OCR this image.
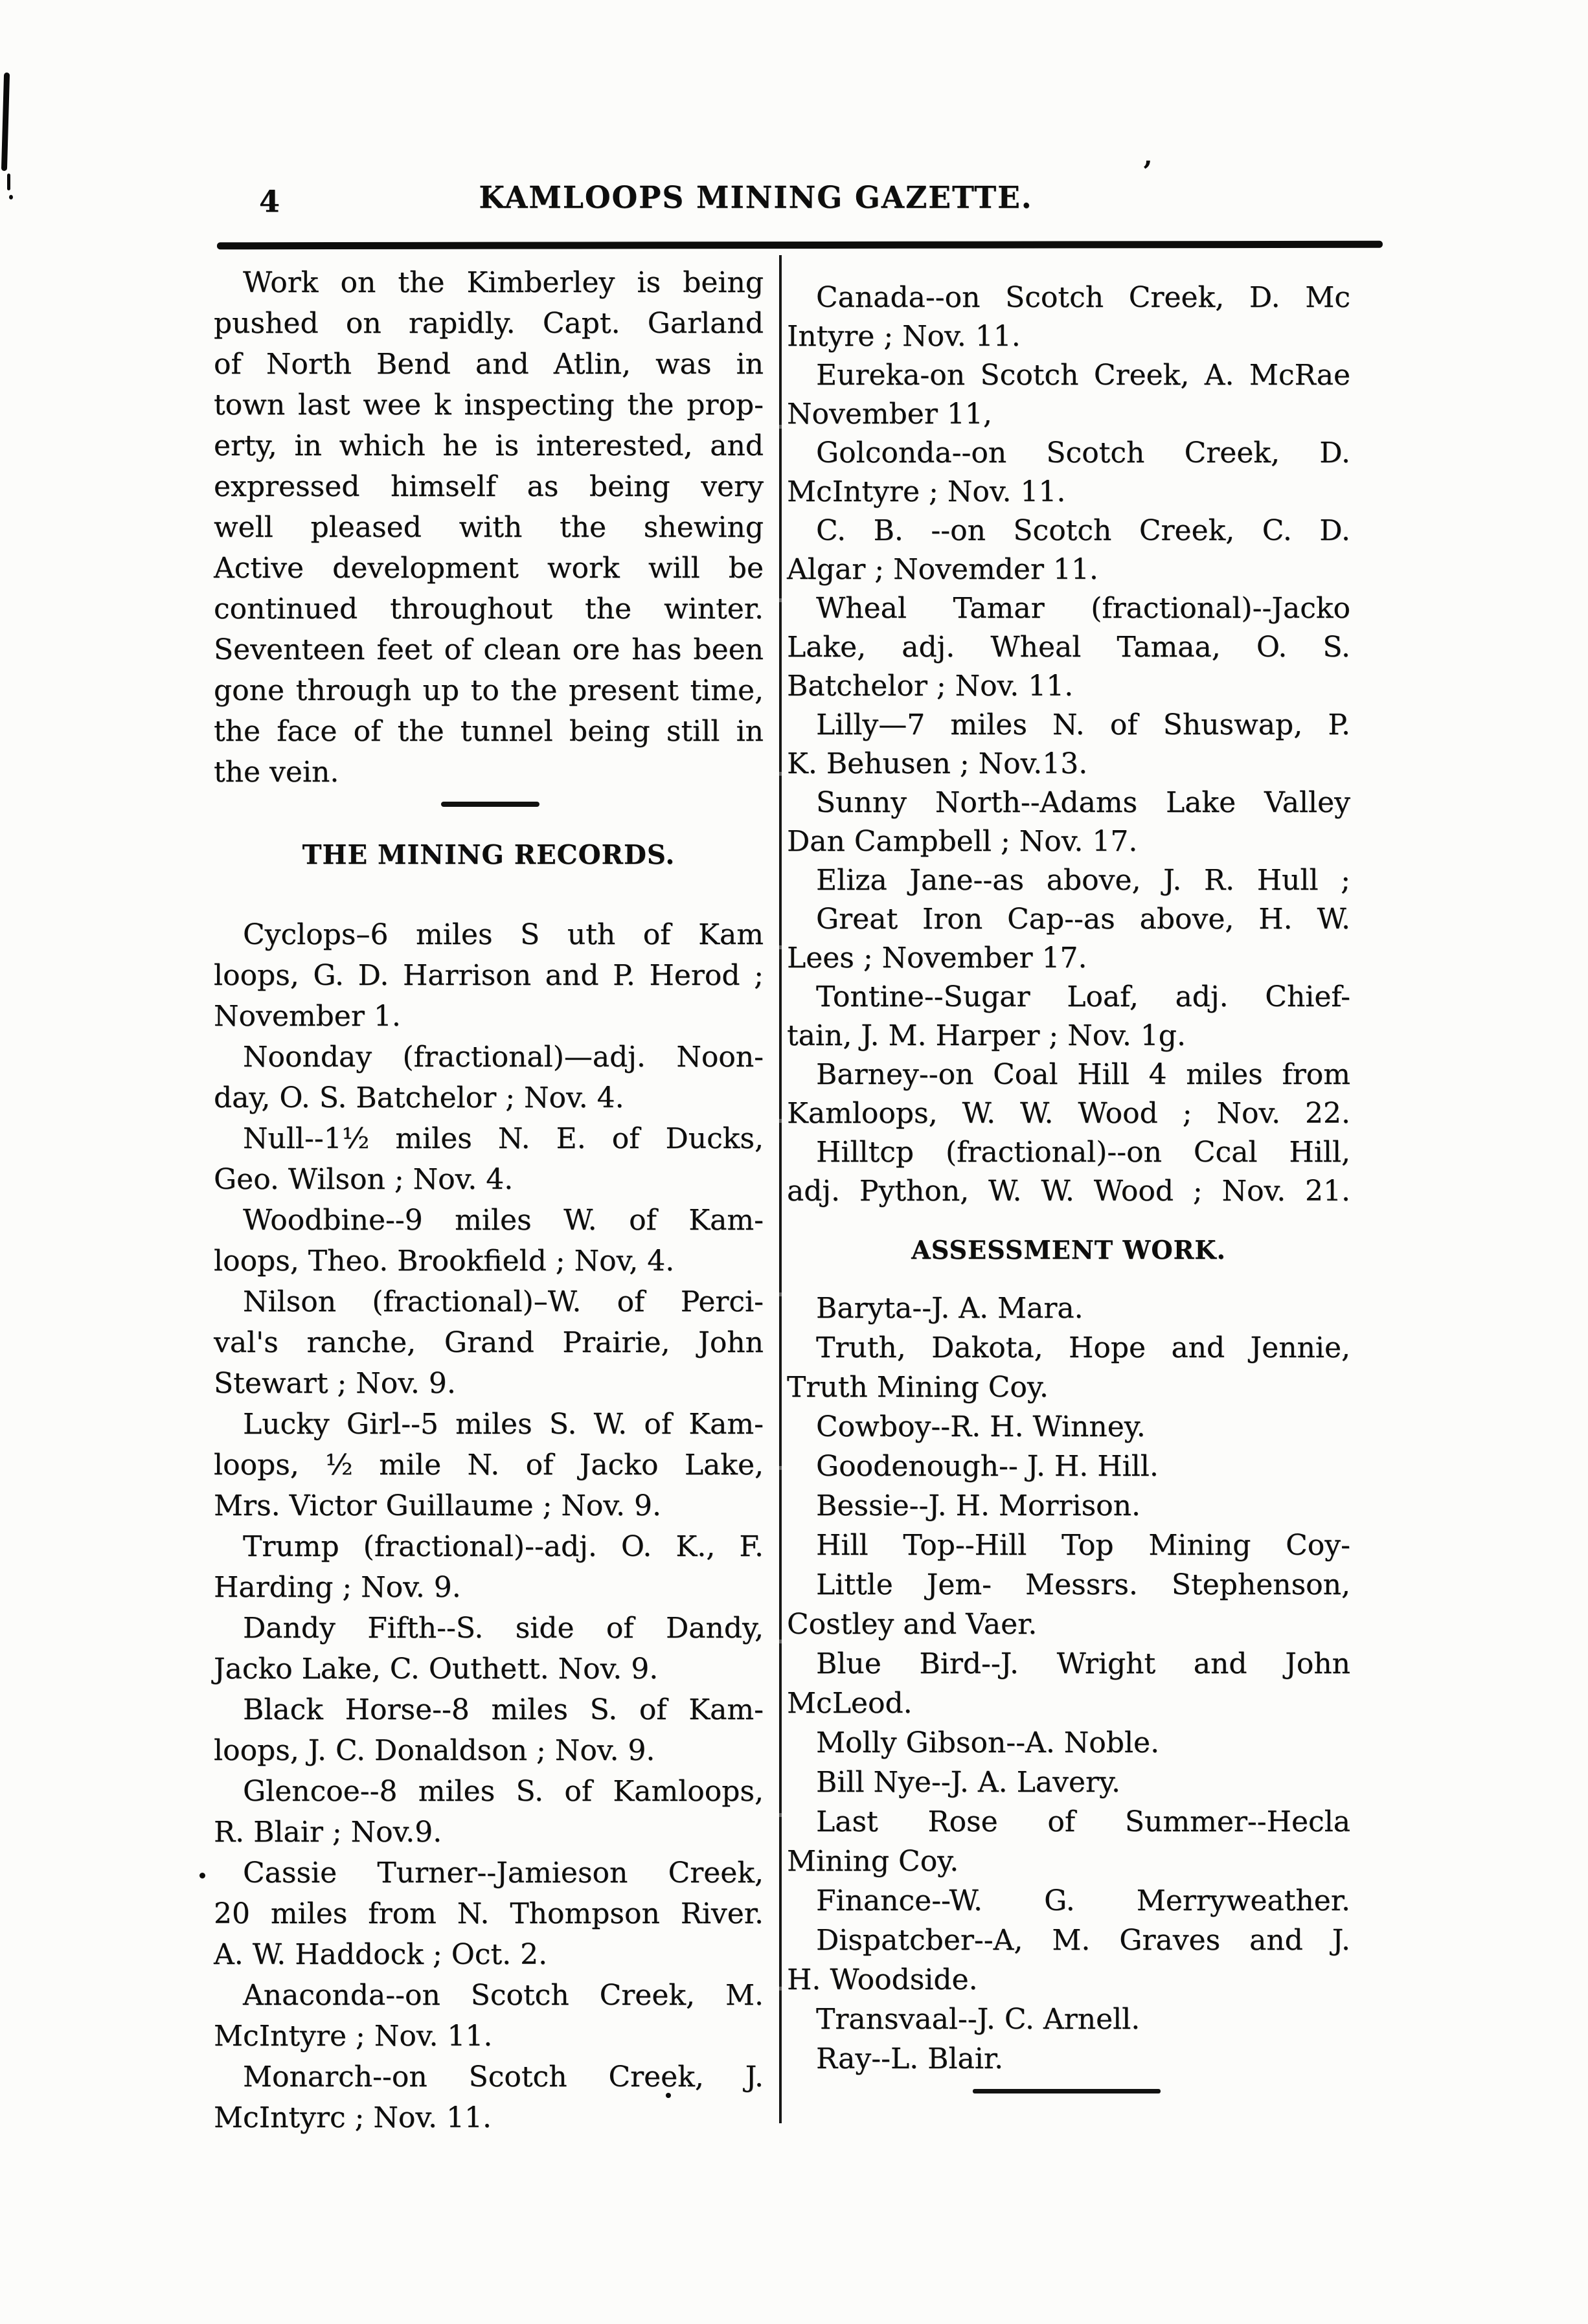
’
4	KAMLOOPS MINING GAZETTE.
Work on the Kimberley is being
pushed on rapidly. Capt. Garland
of North Bend and Atlin, was in
town last wee k inspecting the prop-
erty, in which he is interested, and
expressed himself as being very
well pleased with the shewing
Active development work will be
continued throughout the winter.
Seventeen feet of clean ore has been
gone through up to the present time,
the face of the tunnel being still in
the vein.
THE MINING RECORDS.
Cyclops–6 miles S uth of Kam
loops, G. D. Harrison and P. Herod ;
November 1.
Noonday (fractional)—adj. Noon-
day, O. S. Batchelor ; Nov. 4.
Null--1½ miles N. E. of Ducks,
Geo. Wilson ; Nov. 4.
Woodbine--9 miles W. of Kam-
loops, Theo. Brookfield ; Nov, 4.
Nilson (fractional)–W. of Perci-
val's ranche, Grand Prairie, John
Stewart ; Nov. 9.
Lucky Girl--5 miles S. W. of Kam-
loops, ½ mile N. of Jacko Lake,
Mrs. Victor Guillaume ; Nov. 9.
Trump (fractional)--adj. O. K., F.
Harding ; Nov. 9.
Dandy Fifth--S. side of Dandy,
Jacko Lake, C. Outhett. Nov. 9.
Black Horse--8 miles S. of Kam-
loops, J. C. Donaldson ; Nov. 9.
Glencoe--8 miles S. of Kamloops,
R. Blair ; Nov.9.
Cassie Turner--Jamieson Creek,
20 miles from N. Thompson River.
A. W. Haddock ; Oct. 2.
Anaconda--on Scotch Creek, M.
McIntyre ; Nov. 11.
Monarch--on Scotch Creek, J.
McIntyrc ; Nov. 11.
Canada--on Scotch Creek, D. Mc
Intyre ; Nov. 11.
Eureka-on Scotch Creek, A. McRae
November 11,
Golconda--on Scotch Creek, D.
McIntyre ; Nov. 11.
C. B. --on Scotch Creek, C. D.
Algar ; Novemder 11.
Wheal Tamar (fractional)--Jacko
Lake, adj. Wheal Tamaa, O. S.
Batchelor ; Nov. 11.
Lilly—7 miles N. of Shuswap, P.
K. Behusen ; Nov.13.
Sunny North--Adams Lake Valley
Dan Campbell ; Nov. 17.
Eliza Jane--as above, J. R. Hull ;
Great Iron Cap--as above, H. W.
Lees ; November 17.
Tontine--Sugar Loaf, adj. Chief-
tain, J. M. Harper ; Nov. 1g.
Barney--on Coal Hill 4 miles from
Kamloops, W. W. Wood ; Nov. 22.
Hilltcp (fractional)--on Ccal Hill,
adj. Python, W. W. Wood ; Nov. 21.
ASSESSMENT WORK.
Baryta--J. A. Mara.
Truth, Dakota, Hope and Jennie,
Truth Mining Coy.
Cowboy--R. H. Winney.
Goodenough-- J. H. Hill.
Bessie--J. H. Morrison.
Hill Top--Hill Top Mining Coy-
Little Jem- Messrs. Stephenson,
Costley and Vaer.
Blue Bird--J. Wright and John
McLeod.
Molly Gibson--A. Noble.
Bill Nye--J. A. Lavery.
Last Rose of Summer--Hecla
Mining Coy.
Finance--W. G. Merryweather.
Dispatcber--A, M. Graves and J.
H. Woodside.
Transvaal--J. C. Arnell.
Ray--L. Blair.
